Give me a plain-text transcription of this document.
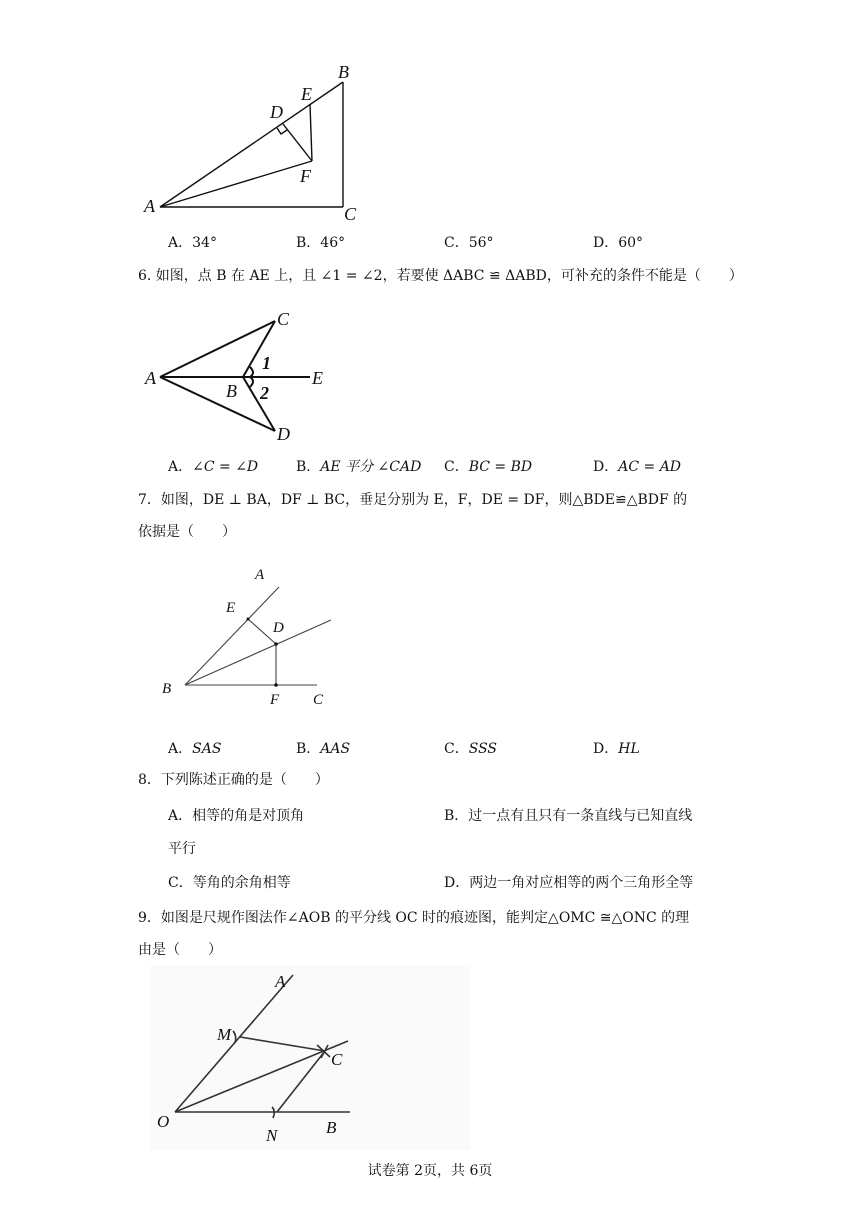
A
B
C
D
E
F
A．34°	B．46°	C．56°	D．60°
6. 如图，点 B 在 AE 上，且 ∠1 = ∠2，若要使 ΔABC ≌ ΔABD，可补充的条件不能是（　　）
A
B
C
D
E
1
2
A．∠C = ∠D	B．AE 平分 ∠CAD C．BC = BD	D．AC = AD
7．如图，DE ⊥ BA，DF ⊥ BC，垂足分别为 E，F，DE = DF，则△BDE≌△BDF 的
依据是（　　）
A
E
D
B
F C
A．SAS	B．AAS	C．SSS	D．HL
8．下列陈述正确的是（　　）
A．相等的角是对顶角	B．过一点有且只有一条直线与已知直线
平行
C．等角的余角相等	D．两边一角对应相等的两个三角形全等
9．如图是尺规作图法作∠AOB 的平分线 OC 时的痕迹图，能判定△OMC ≅△ONC 的理
由是（　　）
A
M
C
O
N	B
试卷第 2页，共 6页
